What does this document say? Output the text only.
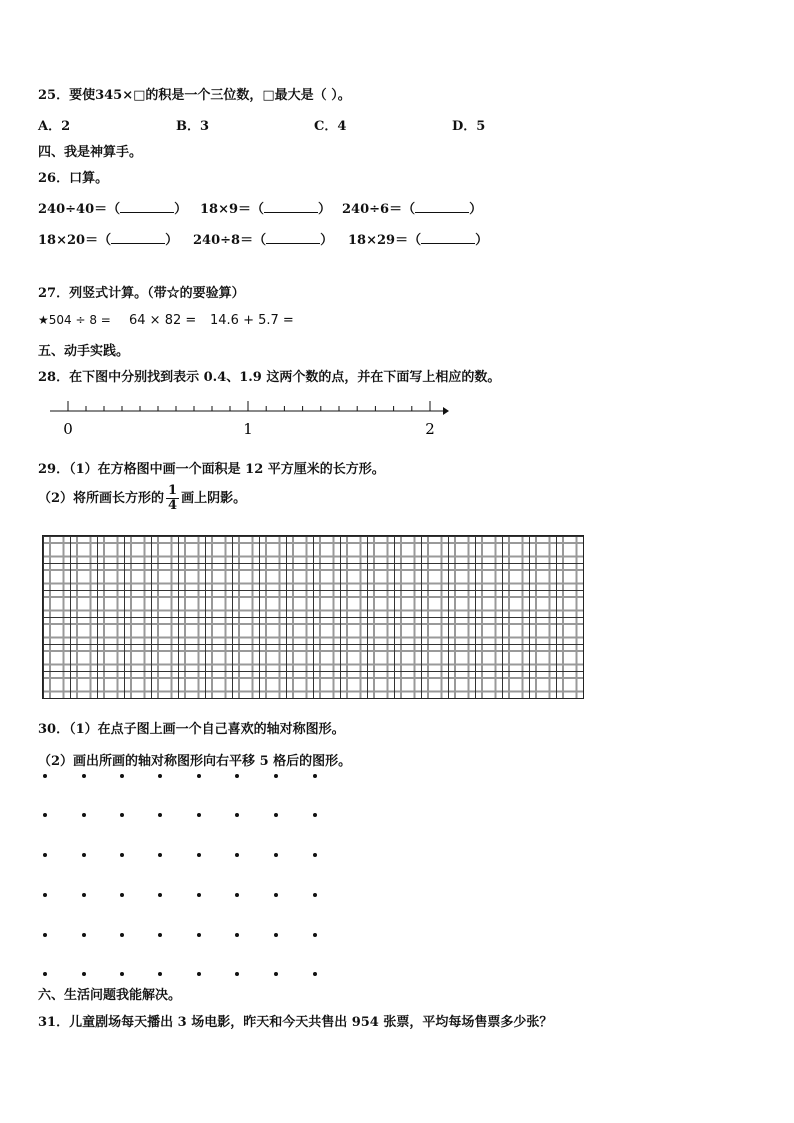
25．要使345×□的积是一个三位数，□最大是（ ）。
A．2	B．3	C．4	D．5
四、我是神算手。
26．口算。
240÷40＝（	） 18×9＝（	） 240÷6＝（	）
18×20＝（	） 240÷8＝（	） 18×29＝（	）
27．列竖式计算。（带☆的要验算）
★504 ÷ 8 = 64 × 82 = 14.6 + 5.7 =
五、动手实践。
28．在下图中分别找到表示 0.4、1.9 这两个数的点，并在下面写上相应的数。
0	1	2
29．（1）在方格图中画一个面积是 12 平方厘米的长方形。
（2）将所画长方形的 $\frac{1}{4}$ 画上阴影。
30．（1）在点子图上画一个自己喜欢的轴对称图形。
（2）画出所画的轴对称图形向右平移 5 格后的图形。
六、生活问题我能解决。
31．儿童剧场每天播出 3 场电影，昨天和今天共售出 954 张票，平均每场售票多少张？
